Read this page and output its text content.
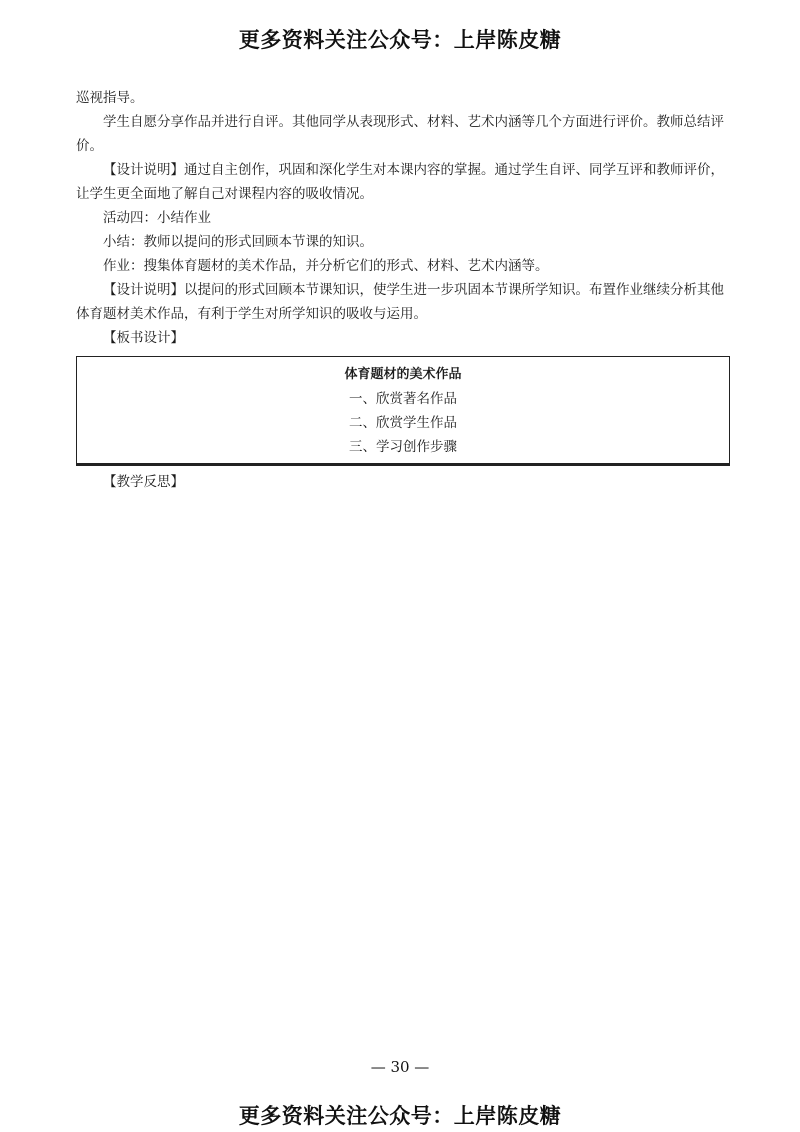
更多资料关注公众号：上岸陈皮糖

巡视指导。

学生自愿分享作品并进行自评。其他同学从表现形式、材料、艺术内涵等几个方面进行评价。教师总结评价。

【设计说明】通过自主创作，巩固和深化学生对本课内容的掌握。通过学生自评、同学互评和教师评价，让学生更全面地了解自己对课程内容的吸收情况。

活动四：小结作业

小结：教师以提问的形式回顾本节课的知识。

作业：搜集体育题材的美术作品，并分析它们的形式、材料、艺术内涵等。

【设计说明】以提问的形式回顾本节课知识，使学生进一步巩固本节课所学知识。布置作业继续分析其他体育题材美术作品，有利于学生对所学知识的吸收与运用。

【板书设计】

体育题材的美术作品
一、欣赏著名作品
二、欣赏学生作品
三、学习创作步骤

【教学反思】

— 30 —
更多资料关注公众号：上岸陈皮糖
